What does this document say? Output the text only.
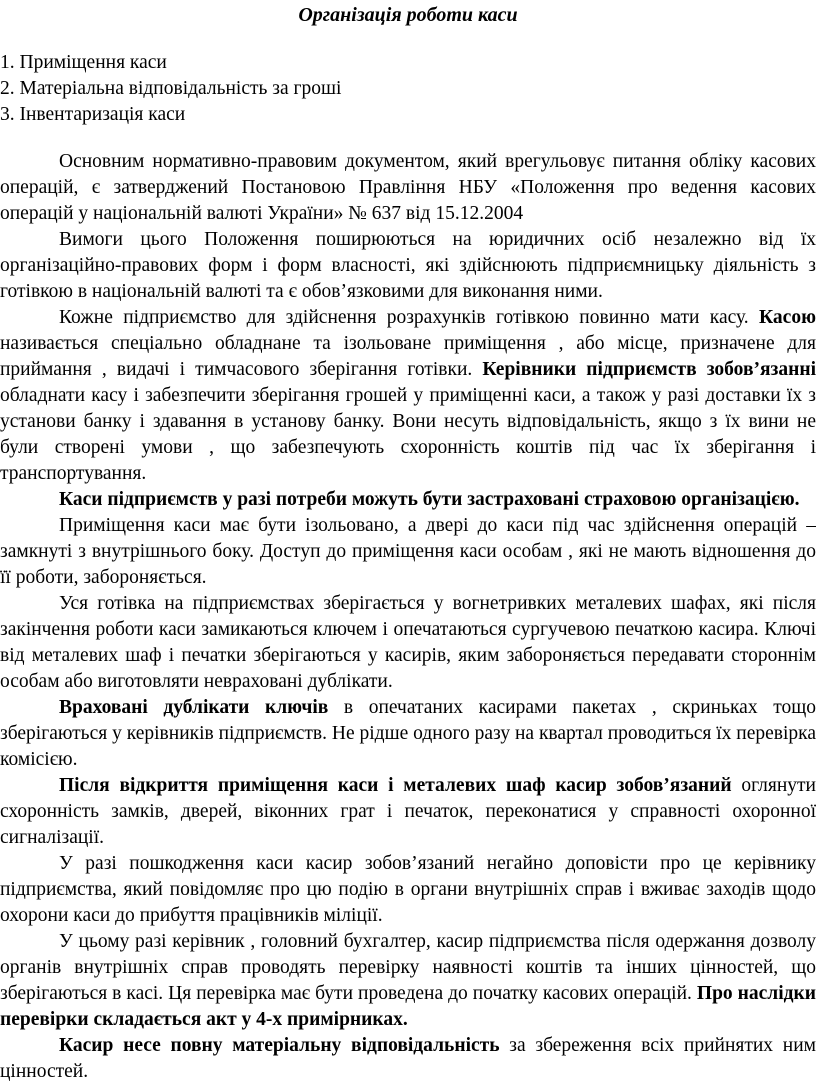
Організація роботи каси
1. Приміщення каси
2. Матеріальна відповідальність за гроші
3. Інвентаризація каси

Основним нормативно-правовим документом, який врегульовує питання обліку касових операцій, є затверджений Постановою Правління НБУ «Положення про ведення касових операцій у національній валюті України» № 637 від 15.12.2004

Вимоги цього Положення поширюються на юридичних осіб незалежно від їх організаційно-правових форм і форм власності, які здійснюють підприємницьку діяльність з готівкою в національній валюті та є обов’язковими для виконання ними.

Кожне підприємство для здійснення розрахунків готівкою повинно мати касу. Касою називається спеціально обладнане та ізольоване приміщення , або місце, призначене для приймання , видачі і тимчасового зберігання готівки. Керівники підприємств зобов’язанні обладнати касу і забезпечити зберігання грошей у приміщенні каси, а також у разі доставки їх з установи банку і здавання в установу банку. Вони несуть відповідальність, якщо з їх вини не були створені умови , що забезпечують схоронність коштів під час їх зберігання і транспортування.

Каси підприємств у разі потреби можуть бути застраховані страховою організацією.

Приміщення каси має бути ізольовано, а двері до каси під час здійснення операцій – замкнуті з внутрішнього боку. Доступ до приміщення каси особам , які не мають відношення до її роботи, забороняється.

Уся готівка на підприємствах зберігається у вогнетривких металевих шафах, які після закінчення роботи каси замикаються ключем і опечатаються сургучевою печаткою касира. Ключі від металевих шаф і печатки зберігаються у касирів, яким забороняється передавати стороннім особам або виготовляти невраховані дублікати.

Враховані дублікати ключів в опечатаних касирами пакетах , скриньках тощо зберігаються у керівників підприємств. Не рідше одного разу на квартал проводиться їх перевірка комісією.

Після відкриття приміщення каси і металевих шаф касир зобов’язаний оглянути схоронність замків, дверей, віконних грат і печаток, переконатися у справності охоронної сигналізації.

У разі пошкодження каси касир зобов’язаний негайно доповісти про це керівнику підприємства, який повідомляє про цю подію в органи внутрішніх справ і вживає заходів щодо охорони каси до прибуття працівників міліції.

У цьому разі керівник , головний бухгалтер, касир підприємства після одержання дозволу органів внутрішніх справ проводять перевірку наявності коштів та інших цінностей, що зберігаються в касі. Ця перевірка має бути проведена до початку касових операцій. Про наслідки перевірки складається акт у 4-х примірниках.

Касир несе повну матеріальну відповідальність за збереження всіх прийнятих ним цінностей.
